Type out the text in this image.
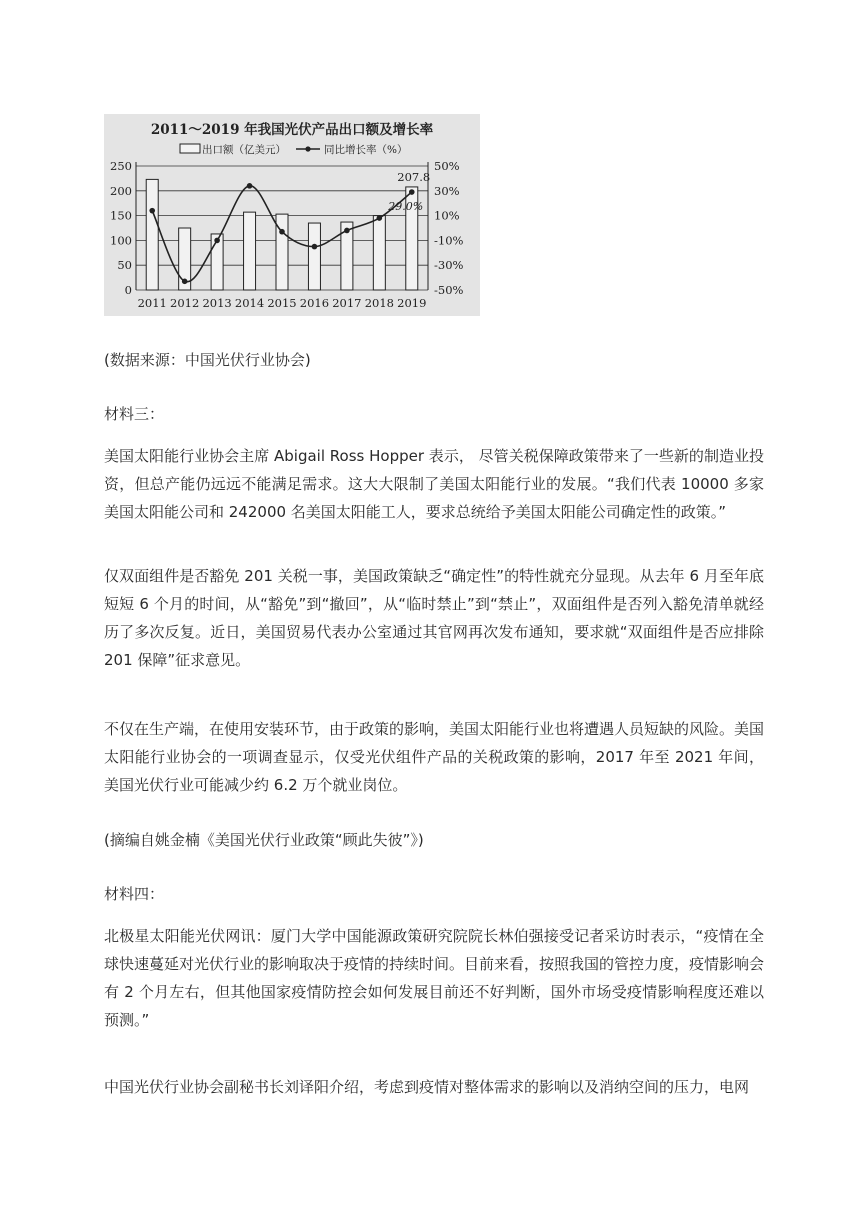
2011～2019 年我国光伏产品出口额及增长率
出口额（亿美元）	同比增长率（%）
0
50
100
150
200
250
-50%
-30%
-10%
10%
30%
50%
2011 2012 2013 2014 2015 2016 2017 2018 2019
207.8
29.0%

(数据来源：中国光伏行业协会)

材料三：

美国太阳能行业协会主席 Abigail Ross Hopper 表示， 尽管关税保障政策带来了一些新的制造业投资，但总产能仍远远不能满足需求。这大大限制了美国太阳能行业的发展。“我们代表 10000 多家美国太阳能公司和 242000 名美国太阳能工人，要求总统给予美国太阳能公司确定性的政策。”

仅双面组件是否豁免 201 关税一事，美国政策缺乏“确定性”的特性就充分显现。从去年 6 月至年底短短 6 个月的时间，从“豁免”到“撤回”，从“临时禁止”到“禁止”，双面组件是否列入豁免清单就经历了多次反复。近日，美国贸易代表办公室通过其官网再次发布通知，要求就“双面组件是否应排除 201 保障”征求意见。

不仅在生产端，在使用安装环节，由于政策的影响，美国太阳能行业也将遭遇人员短缺的风险。美国太阳能行业协会的一项调查显示，仅受光伏组件产品的关税政策的影响，2017 年至 2021 年间，美国光伏行业可能减少约 6.2 万个就业岗位。

(摘编自姚金楠《美国光伏行业政策“顾此失彼”》)

材料四：

北极星太阳能光伏网讯：厦门大学中国能源政策研究院院长林伯强接受记者采访时表示，“疫情在全球快速蔓延对光伏行业的影响取决于疫情的持续时间。目前来看，按照我国的管控力度，疫情影响会有 2 个月左右，但其他国家疫情防控会如何发展目前还不好判断，国外市场受疫情影响程度还难以预测。”

中国光伏行业协会副秘书长刘译阳介绍，考虑到疫情对整体需求的影响以及消纳空间的压力，电网
